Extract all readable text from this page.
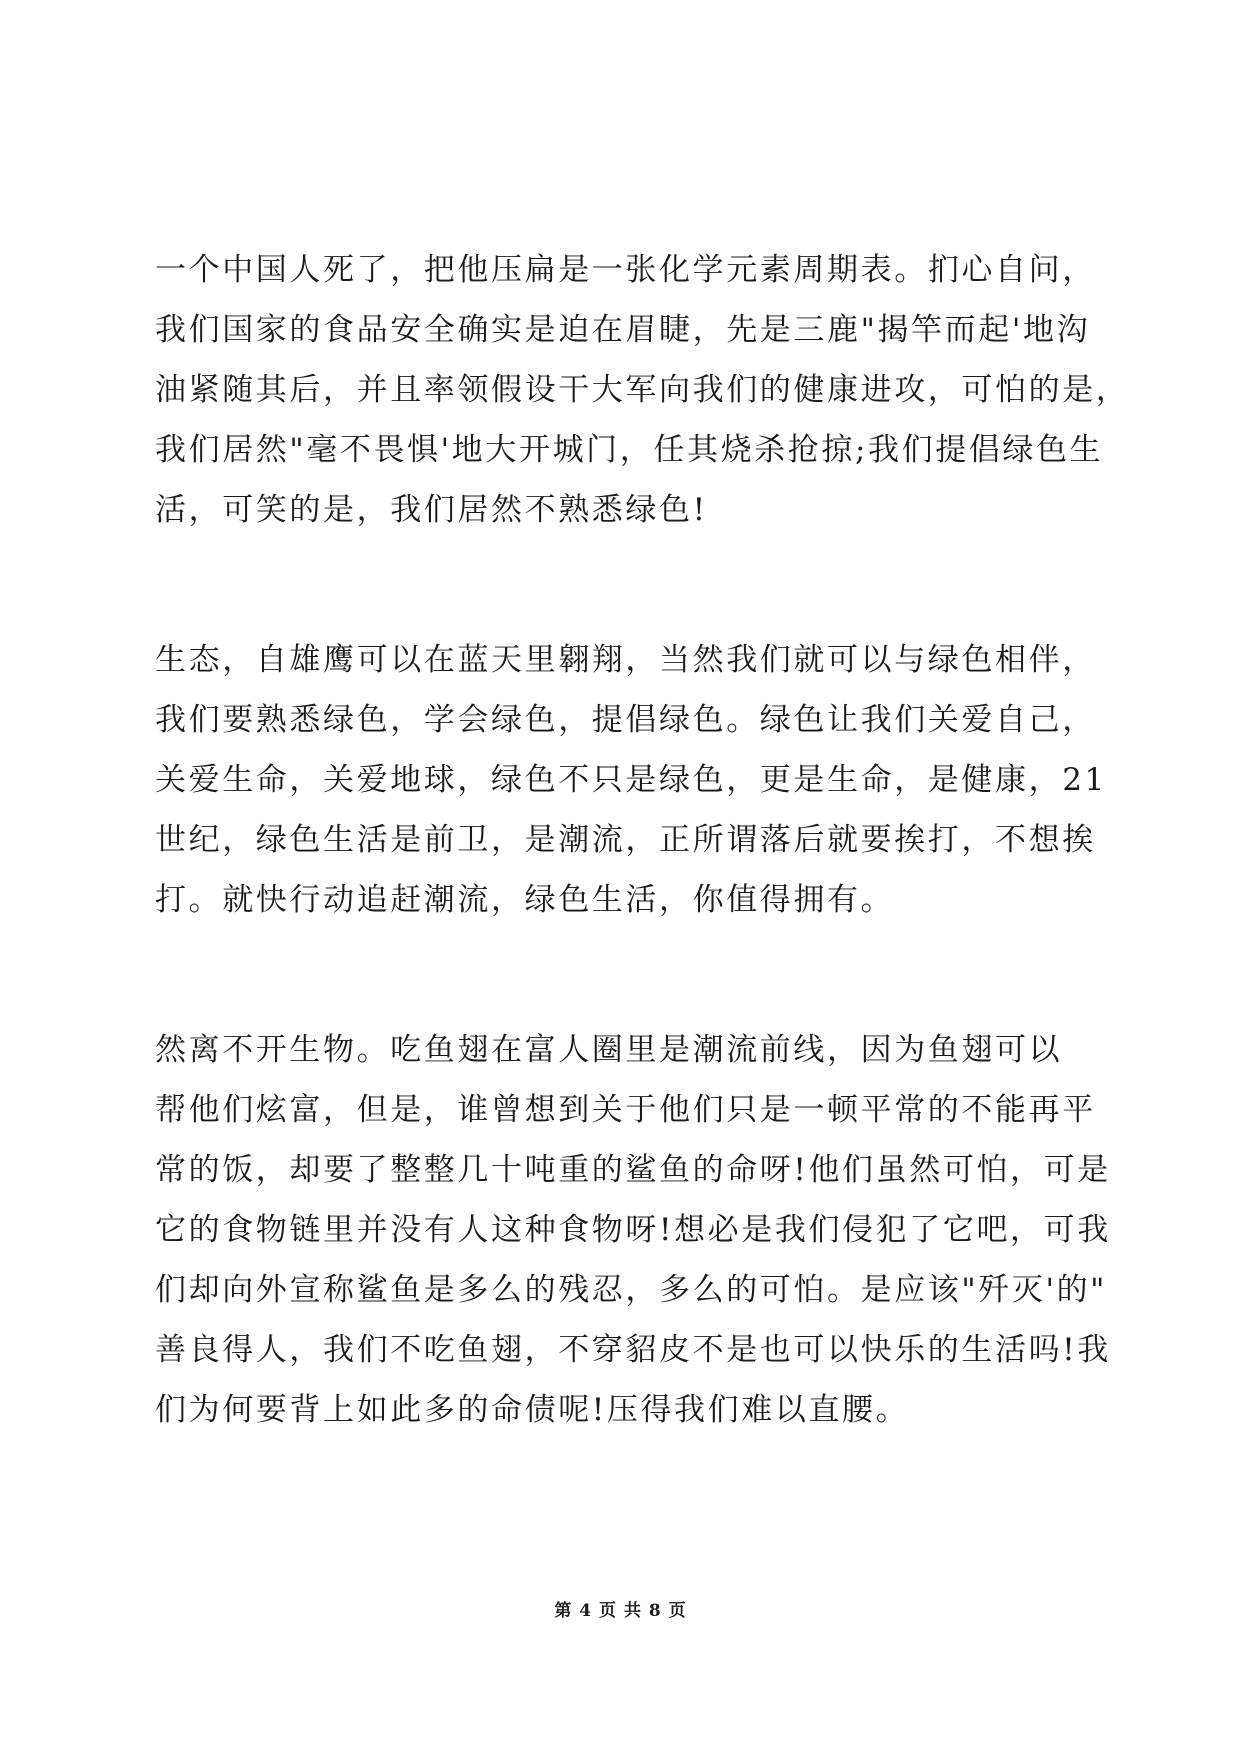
一个中国人死了，把他压扁是一张化学元素周期表。扪心自问，
我们国家的食品安全确实是迫在眉睫，先是三鹿"揭竿而起'地沟
油紧随其后，并且率领假设干大军向我们的健康进攻，可怕的是，
我们居然"毫不畏惧'地大开城门，任其烧杀抢掠;我们提倡绿色生
活，可笑的是，我们居然不熟悉绿色!

生态，自雄鹰可以在蓝天里翱翔，当然我们就可以与绿色相伴，
我们要熟悉绿色，学会绿色，提倡绿色。绿色让我们关爱自己，
关爱生命，关爱地球，绿色不只是绿色，更是生命，是健康，21
世纪，绿色生活是前卫，是潮流，正所谓落后就要挨打，不想挨
打。就快行动追赶潮流，绿色生活，你值得拥有。

然离不开生物。吃鱼翅在富人圈里是潮流前线，因为鱼翅可以
帮他们炫富，但是，谁曾想到关于他们只是一顿平常的不能再平
常的饭，却要了整整几十吨重的鲨鱼的命呀!他们虽然可怕，可是
它的食物链里并没有人这种食物呀!想必是我们侵犯了它吧，可我
们却向外宣称鲨鱼是多么的残忍，多么的可怕。是应该"歼灭'的"
善良得人，我们不吃鱼翅，不穿貂皮不是也可以快乐的生活吗!我
们为何要背上如此多的命债呢!压得我们难以直腰。

第 4 页 共 8 页
